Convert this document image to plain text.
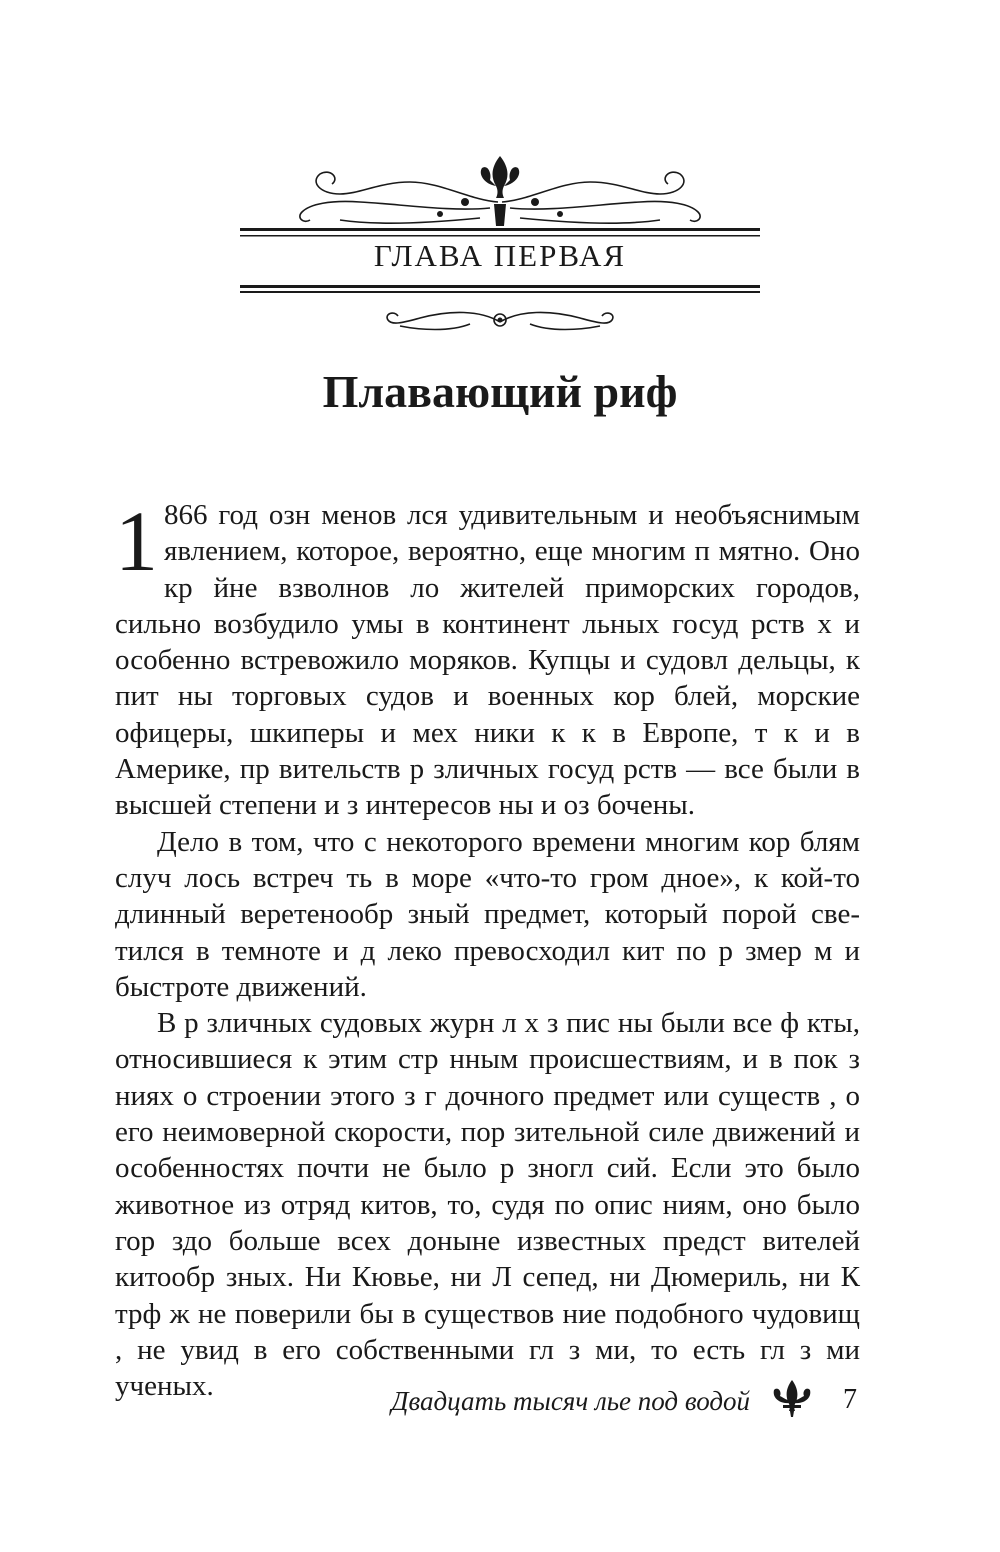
ГЛАВА ПЕРВАЯ
Плавающий риф

1 866 год озн менов лся удивительным и необъяснимым явлением, которое, вероятно, еще многим п мятно. Оно кр йне взволнов ло жителей приморских городов, сильно возбудило умы в континент льных госуд рств х и особенно встревожило моряков. Купцы и судовл дельцы, к пит ны торговых судов и военных кор блей, морские офицеры, шкиперы и мех ники к к в Европе, т к и в Америке, пр вительств р зличных госуд рств — все были в высшей степени и з интересов ны и оз бочены.

Дело в том, что с некоторого времени многим кор блям случ лось встреч ть в море «что-то гром дное», к кой-то длинный веретенообр зный предмет, который порой светился в темноте и д леко превосходил кит по р змер м и быстроте движений.

В р зличных судовых журн л х з пис ны были все ф кты, относившиеся к этим стр нным происшествиям, и в пок з ниях о строении этого з г дочного предмет или существ , о его неимоверной скорости, пор зительной силе движений и особенностях почти не было р зногл сий. Если это было животное из отряд китов, то, судя по опис ниям, оно было гор здо больше всех доныне известных предст вителей китообр зных. Ни Кювье, ни Л сепед, ни Дюмериль, ни К трф ж не поверили бы в существов ние подобного чудовищ , не увид в его собственными гл з ми, то есть гл з ми ученых.	Двадцать тысяч лье под водой	7
